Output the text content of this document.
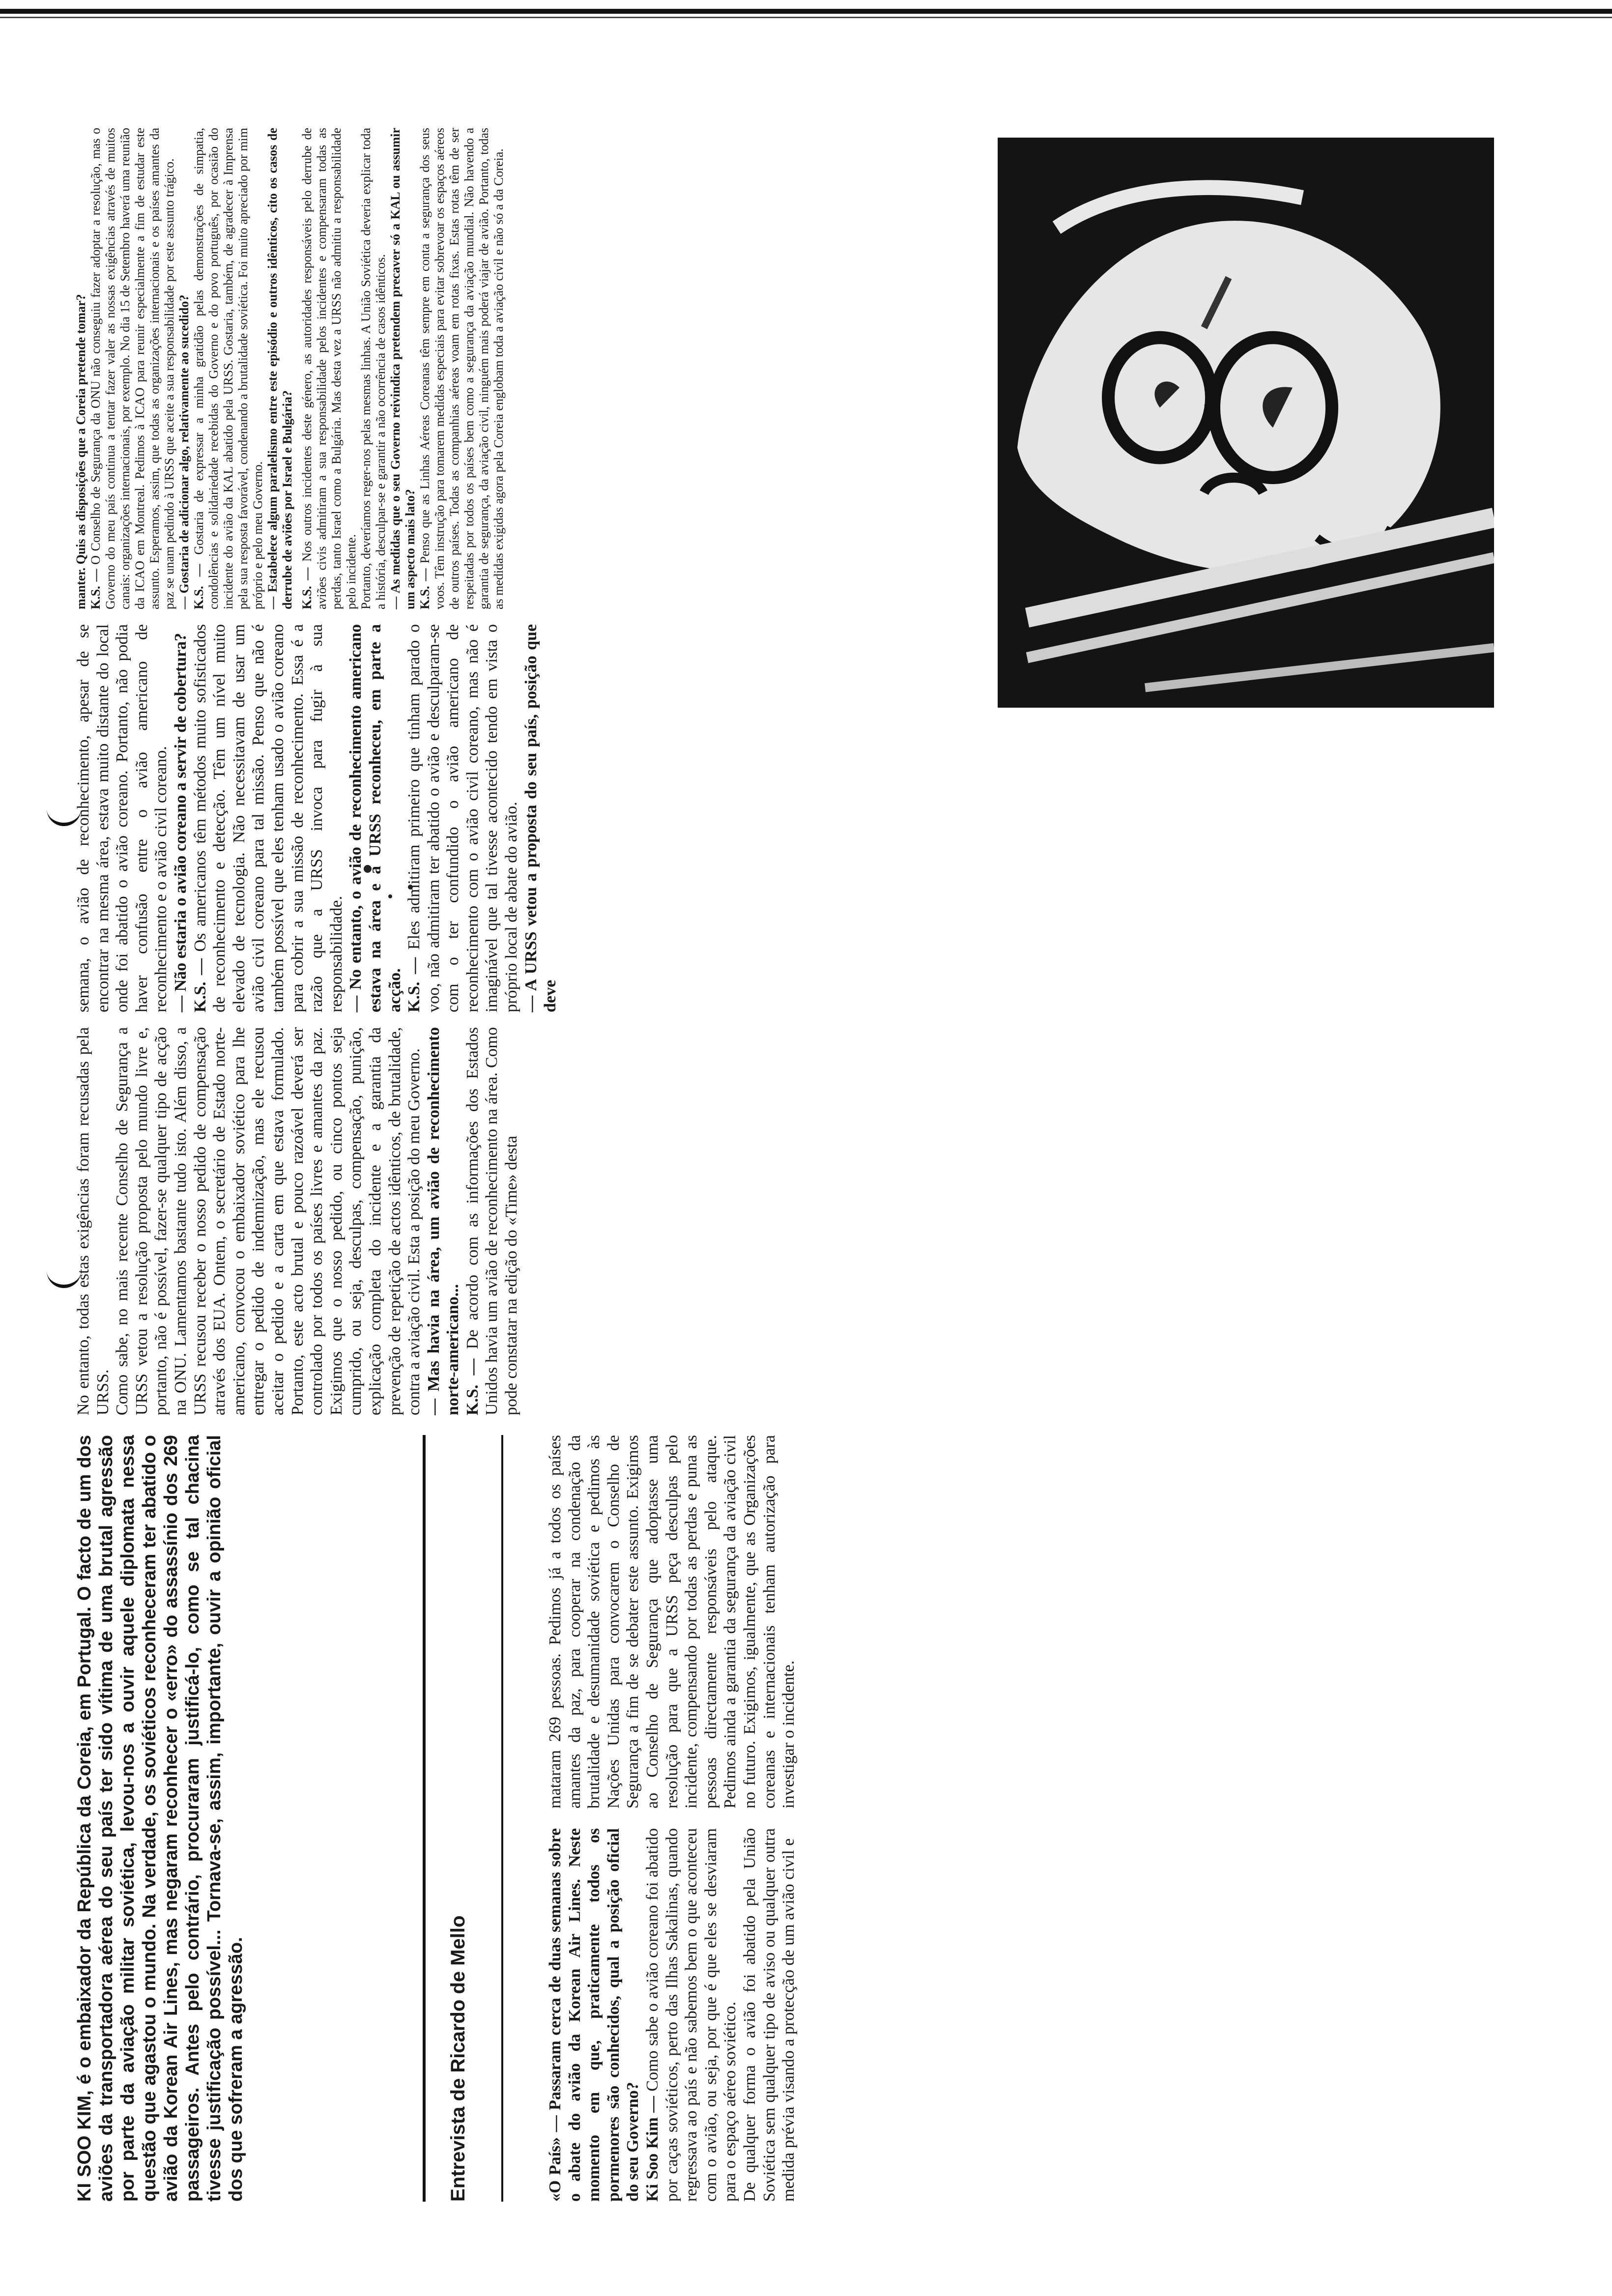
KI SOO KIM, é o embaixador da República da Coreia, em Portugal. O facto de um dos aviões da transportadora aérea do seu país ter sido vítima de uma brutal agressão por parte da aviação militar soviética, levou-nos a ouvir aquele diplomata nessa questão que agastou o mundo. Na verdade, os soviéticos reconheceram ter abatido o avião da Korean Air Lines, mas negaram reconhecer o «erro» do assassínio dos 269 passageiros. Antes pelo contrário, procuraram justificá-lo, como se tal chacina tivesse justificação possível... Tornava-se, assim, importante, ouvir a opinião oficial dos que sofreram a agressão.	Entrevista de Ricardo de Mello	«O País» — Passaram cerca de duas semanas sobre o abate do avião da Korean Air Lines. Neste momento em que, praticamente todos os pormenores são conhecidos, qual a posição oficial do seu Governo? Ki Soo Kim — Como sabe o avião coreano foi abatido por caças soviéticos, perto das Ilhas Sakalinas, quando regressava ao país e não sabemos bem o que aconteceu com o avião, ou seja, por que é que eles se desviaram para o espaço aéreo soviético. De qualquer forma o avião foi abatido pela União Soviética sem qualquer tipo de aviso ou qualquer outra medida prévia visando a protecção de um avião civil e

mataram 269 pessoas. Pedimos já a todos os países amantes da paz, para cooperar na condenação da brutalidade e desumanidade soviética e pedimos às Nações Unidas para convocarem o Conselho de Segurança a fim de se debater este assunto. Exigimos ao Conselho de Segurança que adoptasse uma resolução para que a URSS peça desculpas pelo incidente, compensando por todas as perdas e puna as pessoas directamente responsáveis pelo ataque. Pedimos ainda a garantia da segurança da aviação civil no futuro. Exigimos, igualmente, que as Organizações coreanas e internacionais tenham autorização para investigar o incidente.

No entanto, todas estas exigências foram recusadas pela URSS. Como sabe, no mais recente Conselho de Segurança a URSS vetou a resolução proposta pelo mundo livre e, portanto, não é possível, fazer-se qualquer tipo de acção na ONU. Lamentamos bastante tudo isto. Além disso, a URSS recusou receber o nosso pedido de compensação através dos EUA. Ontem, o secretário de Estado norte-americano, convocou o embaixador soviético para lhe entregar o pedido de indemnização, mas ele recusou aceitar o pedido e a carta em que estava formulado. Portanto, este acto brutal e pouco razoável deverá ser controlado por todos os países livres e amantes da paz. Exigimos que o nosso pedido, ou cinco pontos seja cumprido, ou seja, desculpas, compensação, punição, explicação completa do incidente e a garantia da prevenção de repetição de actos idênticos, de brutalidade, contra a aviação civil. Esta a posição do meu Governo. — Mas havia na área, um avião de reconhecimento norte-americano... K.S. — De acordo com as informações dos Estados Unidos havia um avião de reconhecimento na área. Como pode constatar na edição do «Time» desta

semana, o avião de reconhecimento, apesar de se encontrar na mesma área, estava muito distante do local onde foi abatido o avião coreano. Portanto, não podia haver confusão entre o avião americano de reconhecimento e o avião civil coreano. — Não estaria o avião coreano a servir de cobertura? K.S. — Os americanos têm métodos muito sofisticados de reconhecimento e detecção. Têm um nível muito elevado de tecnologia. Não necessitavam de usar um avião civil coreano para tal missão. Penso que não é também possível que eles tenham usado o avião coreano para cobrir a sua missão de reconhecimento. Essa é a razão que a URSS invoca para fugir à sua responsabilidade. — No entanto, o avião de reconhecimento americano estava na área e a URSS reconheceu, em parte a acção. K.S. — Eles admitiram primeiro que tinham parado o voo, não admitiram ter abatido o avião e desculparam-se com o ter confundido o avião americano de reconhecimento com o avião civil coreano, mas não é imaginável que tal tivesse acontecido tendo em vista o próprio local de abate do avião. — A URSS vetou a proposta do seu país, posição que deve

manter. Quis as disposições que a Coreia pretende tomar? K.S. — O Conselho de Segurança da ONU não conseguiu fazer adoptar a resolução, mas o Governo do meu país continua a tentar fazer valer as nossas exigências através de muitos canais: organizações internacionais, por exemplo. No dia 15 de Setembro haverá uma reunião da ICAO em Montreal. Pedimos à ICAO para reunir especialmente a fim de estudar este assunto. Esperamos, assim, que todas as organizações internacionais e os países amantes da paz se unam pedindo à URSS que aceite a sua responsabilidade por este assunto trágico. — Gostaria de adicionar algo, relativamente ao sucedido? K.S. — Gostaria de expressar a minha gratidão pelas demonstrações de simpatia, condolências e solidariedade recebidas do Governo e do povo português, por ocasião do incidente do avião da KAL abatido pela URSS. Gostaria, também, de agradecer à Imprensa pela sua resposta favorável, condenando a brutalidade soviética. Foi muito apreciado por mim próprio e pelo meu Governo. — Estabelece algum paralelismo entre este episódio e outros idênticos, cito os casos de derrube de aviões por Israel e Bulgária? K.S. — Nos outros incidentes deste género, as autoridades responsáveis pelo derrube de aviões civis admitiram a sua responsabilidade pelos incidentes e compensaram todas as perdas, tanto Israel como a Bulgária. Mas desta vez a URSS não admitiu a responsabilidade pelo incidente. Portanto, deveríamos reger-nos pelas mesmas linhas. A União Soviética deveria explicar toda a história, desculpar-se e garantir a não ocorrência de casos idênticos. — As medidas que o seu Governo reivindica pretendem precaver só a KAL ou assumir um aspecto mais lato? K.S. — Penso que as Linhas Aéreas Coreanas têm sempre em conta a segurança dos seus voos. Têm instrução para tomarem medidas especiais para evitar sobrevoar os espaços aéreos de outros países. Todas as companhias aéreas voam em rotas fixas. Estas rotas têm de ser respeitadas por todos os países bem como a segurança da aviação mundial. Não havendo a garantia de segurança, da aviação civil, ninguém mais poderá viajar de avião. Portanto, todas as medidas exigidas agora pela Coreia englobam toda a aviação civil e não só a da Coreia.
